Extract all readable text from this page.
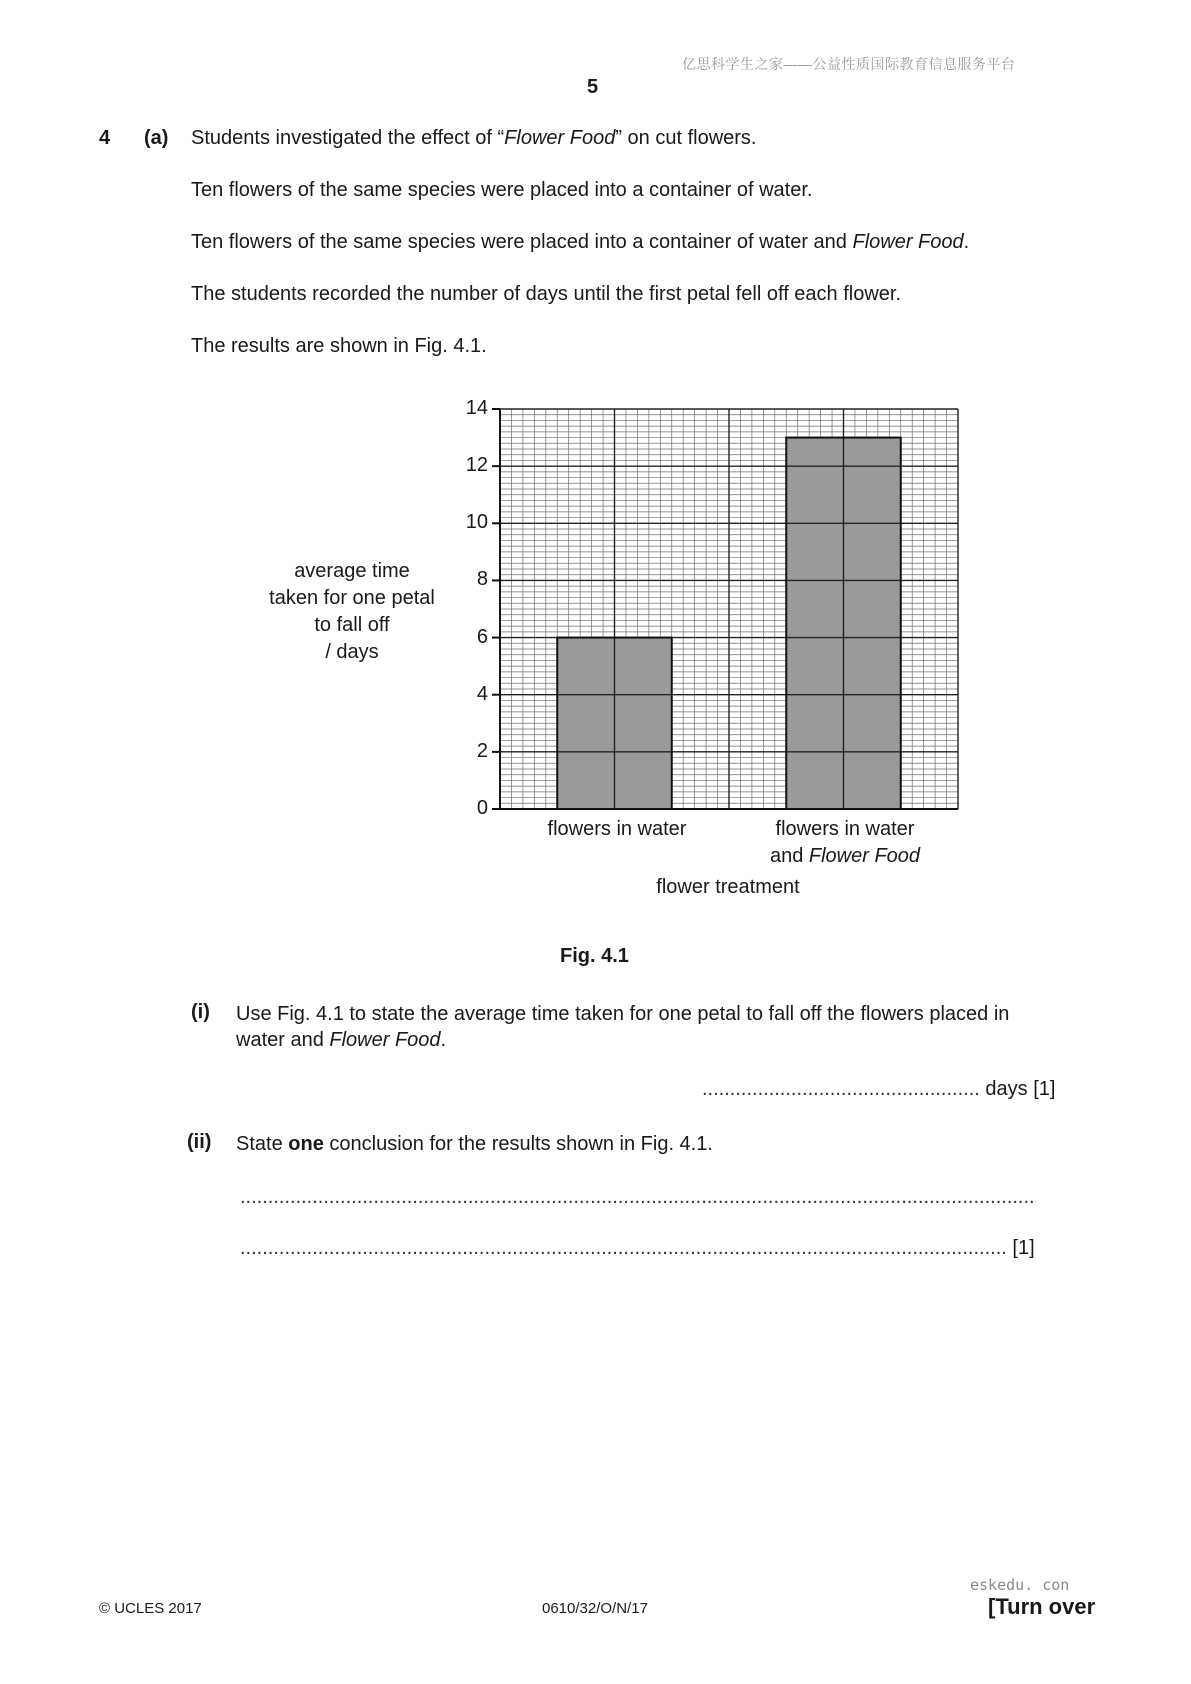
亿思科学生之家——公益性质国际教育信息服务平台
5
4 (a) Students investigated the effect of “Flower Food” on cut flowers.
Ten flowers of the same species were placed into a container of water.
Ten flowers of the same species were placed into a container of water and Flower Food.
The students recorded the number of days until the first petal fell off each flower.
The results are shown in Fig. 4.1.
average time
taken for one petal
to fall off
/ days
0
2
4
6
8
10
12
14
flowers in water	flowers in water
and Flower Food
flower treatment
Fig. 4.1
(i) Use Fig. 4.1 to state the average time taken for one petal to fall off the flowers placed in
water and Flower Food.
.................................................. days [1]
(ii) State one conclusion for the results shown in Fig. 4.1.
...............................................................................................................................................
.......................................................................................................................................... [1]
eskedu. con
© UCLES 2017	0610/32/O/N/17	[Turn over
